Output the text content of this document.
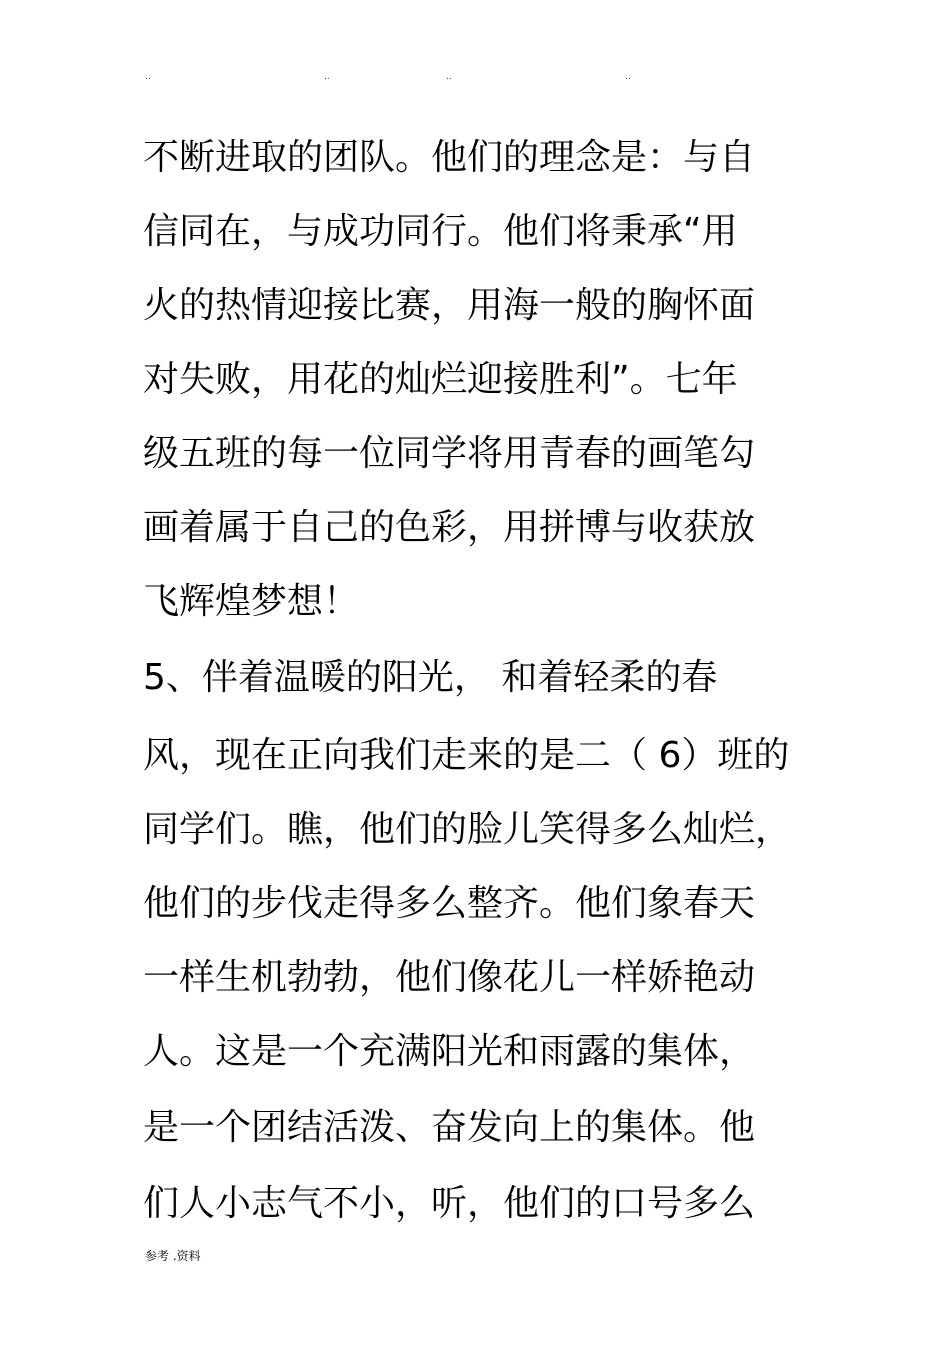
..	..	..	..
不断进取的团队。他们的理念是：与自
信同在，与成功同行。他们将秉承“用
火的热情迎接比赛，用海一般的胸怀面
对失败，用花的灿烂迎接胜利”。七年
级五班的每一位同学将用青春的画笔勾
画着属于自己的色彩，用拼博与收获放
飞辉煌梦想！
5、伴着温暖的阳光， 和着轻柔的春
风，现在正向我们走来的是二（ 6）班的
同学们。瞧，他们的脸儿笑得多么灿烂，
他们的步伐走得多么整齐。他们象春天
一样生机勃勃，他们像花儿一样娇艳动
人。这是一个充满阳光和雨露的集体，
是一个团结活泼、奋发向上的集体。他
们人小志气不小，听，他们的口号多么
参考 .资料
